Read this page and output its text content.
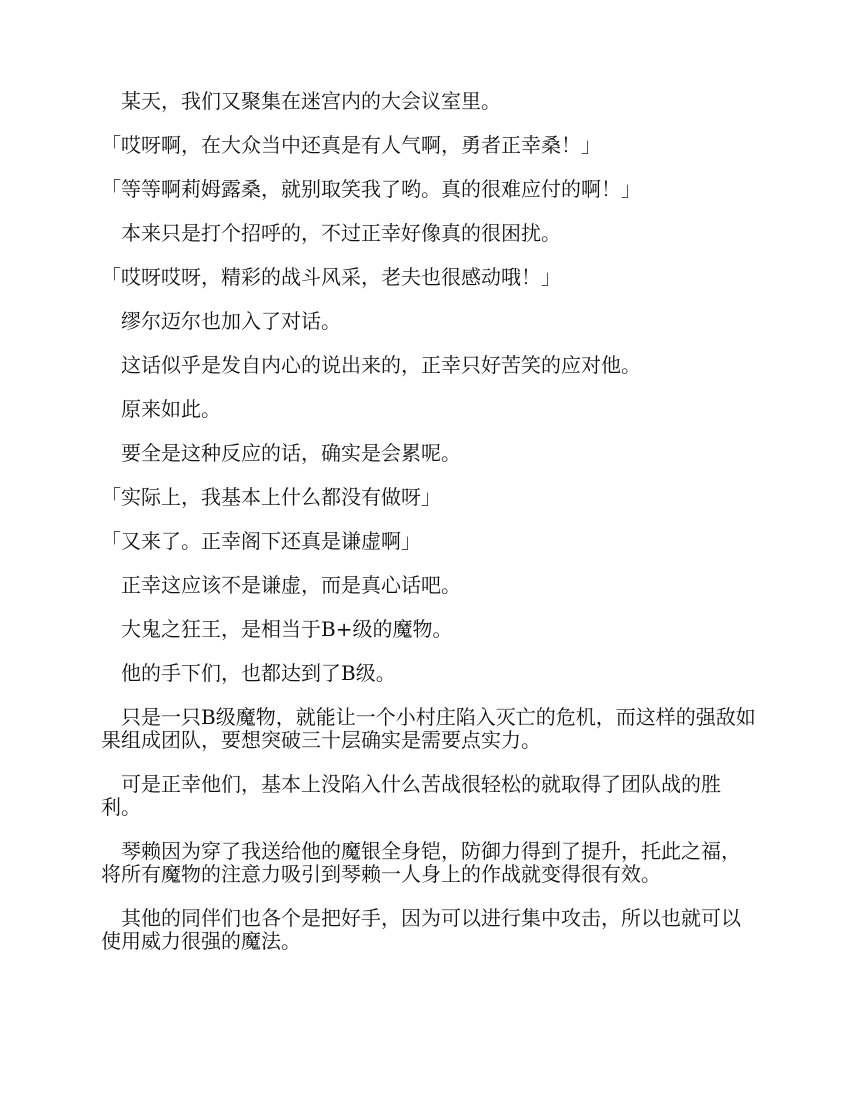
　某天，我们又聚集在迷宫内的大会议室里。

「哎呀啊，在大众当中还真是有人气啊，勇者正幸桑！」

「等等啊莉姆露桑，就别取笑我了哟。真的很难应付的啊！」

　本来只是打个招呼的，不过正幸好像真的很困扰。

「哎呀哎呀，精彩的战斗风采，老夫也很感动哦！」

　缪尔迈尔也加入了对话。

　这话似乎是发自内心的说出来的，正幸只好苦笑的应对他。

　原来如此。

　要全是这种反应的话，确实是会累呢。

「实际上，我基本上什么都没有做呀」

「又来了。正幸阁下还真是谦虚啊」

　正幸这应该不是谦虚，而是真心话吧。

　大鬼之狂王，是相当于B+级的魔物。

　他的手下们，也都达到了B级。

　只是一只B级魔物，就能让一个小村庄陷入灭亡的危机，而这样的强敌如果组成团队，要想突破三十层确实是需要点实力。

　可是正幸他们，基本上没陷入什么苦战很轻松的就取得了团队战的胜利。

　琴赖因为穿了我送给他的魔银全身铠，防御力得到了提升，托此之福，将所有魔物的注意力吸引到琴赖一人身上的作战就变得很有效。

　其他的同伴们也各个是把好手，因为可以进行集中攻击，所以也就可以使用威力很强的魔法。
